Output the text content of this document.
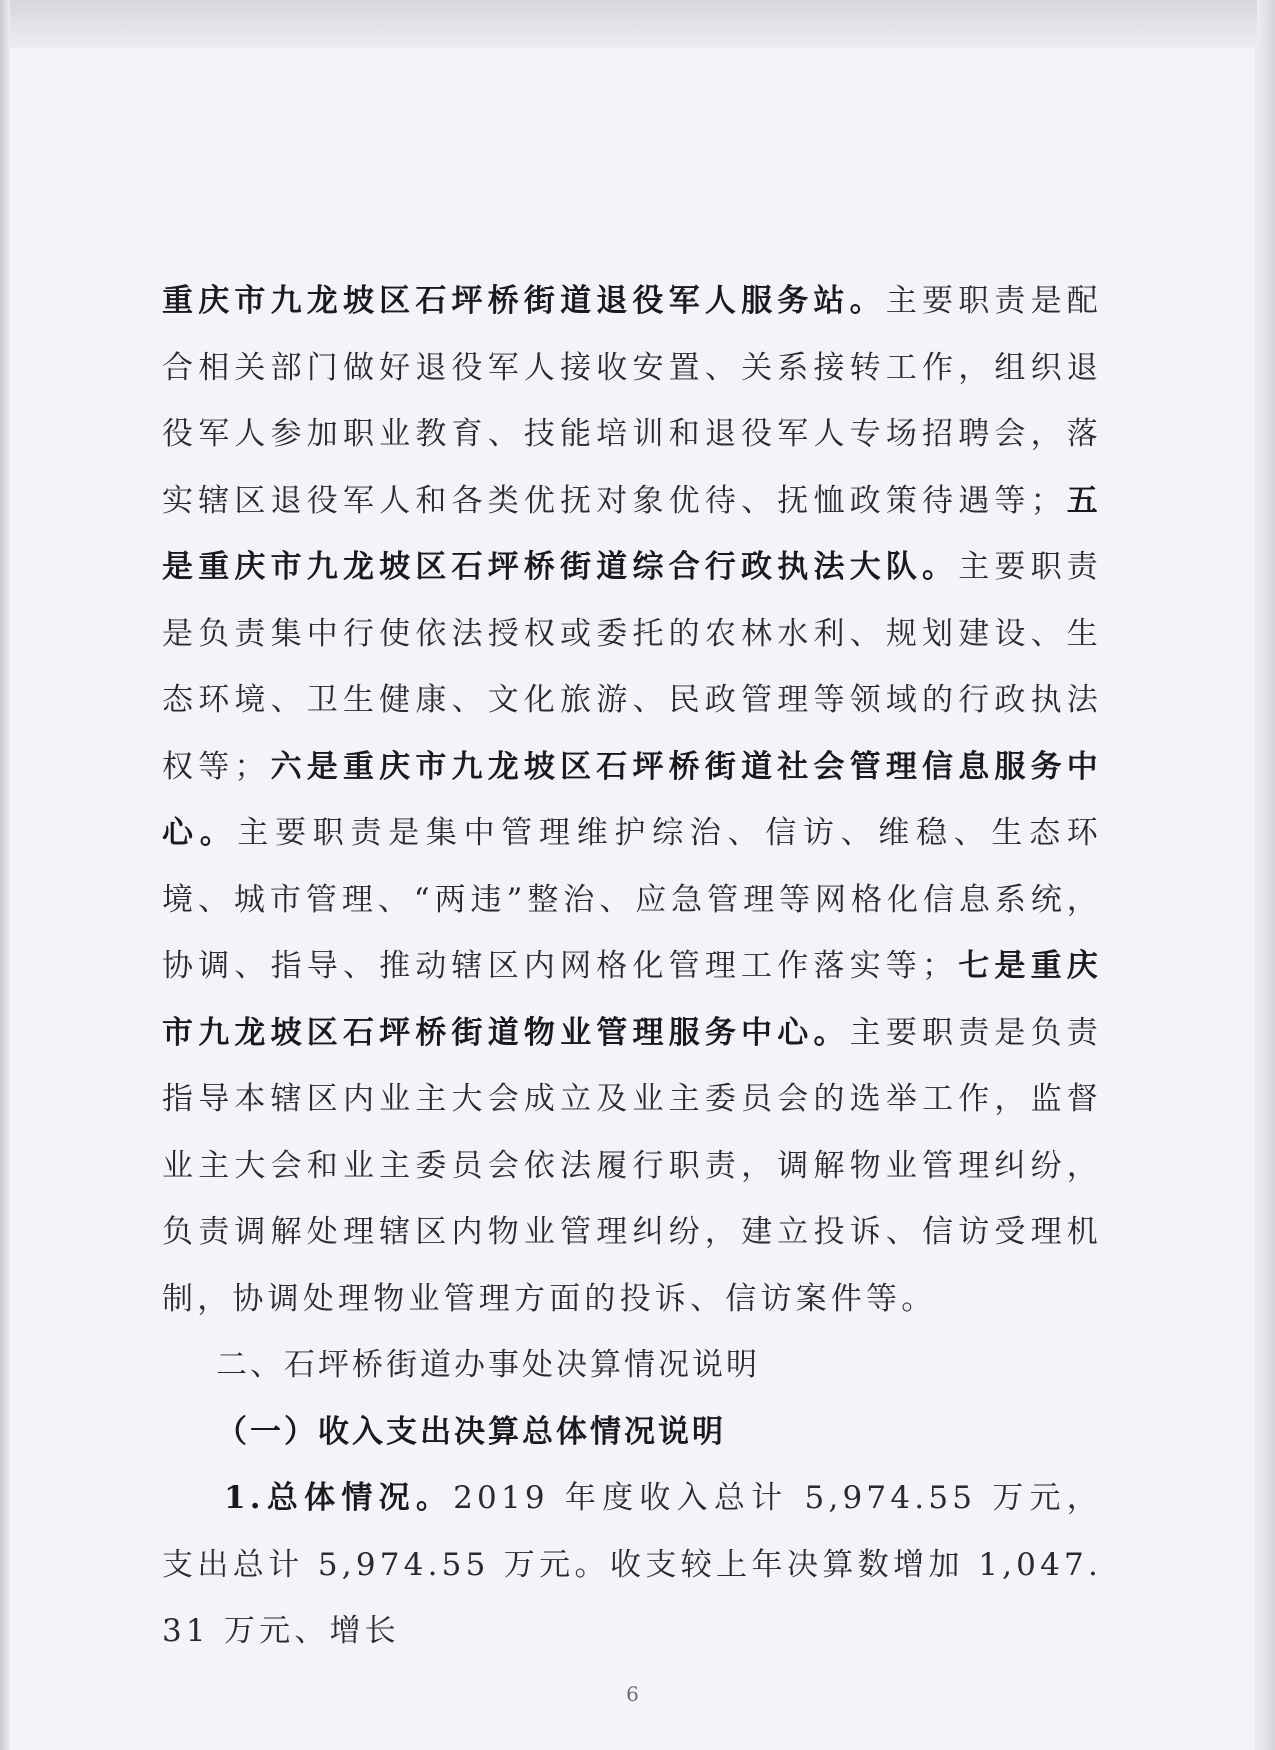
重庆市九龙坡区石坪桥街道退役军人服务站。主要职责是配合相关部门做好退役军人接收安置、关系接转工作，组织退役军人参加职业教育、技能培训和退役军人专场招聘会，落实辖区退役军人和各类优抚对象优待、抚恤政策待遇等；五是重庆市九龙坡区石坪桥街道综合行政执法大队。主要职责是负责集中行使依法授权或委托的农林水利、规划建设、生态环境、卫生健康、文化旅游、民政管理等领域的行政执法权等；六是重庆市九龙坡区石坪桥街道社会管理信息服务中心。主要职责是集中管理维护综治、信访、维稳、生态环境、城市管理、“两违”整治、应急管理等网格化信息系统，协调、指导、推动辖区内网格化管理工作落实等；七是重庆市九龙坡区石坪桥街道物业管理服务中心。主要职责是负责指导本辖区内业主大会成立及业主委员会的选举工作，监督业主大会和业主委员会依法履行职责，调解物业管理纠纷，负责调解处理辖区内物业管理纠纷，建立投诉、信访受理机制，协调处理物业管理方面的投诉、信访案件等。

二、石坪桥街道办事处决算情况说明

（一）收入支出决算总体情况说明

1.总体情况。2019 年度收入总计 5,974.55 万元，支出总计 5,974.55 万元。收支较上年决算数增加 1,047.31 万元、增长

6
